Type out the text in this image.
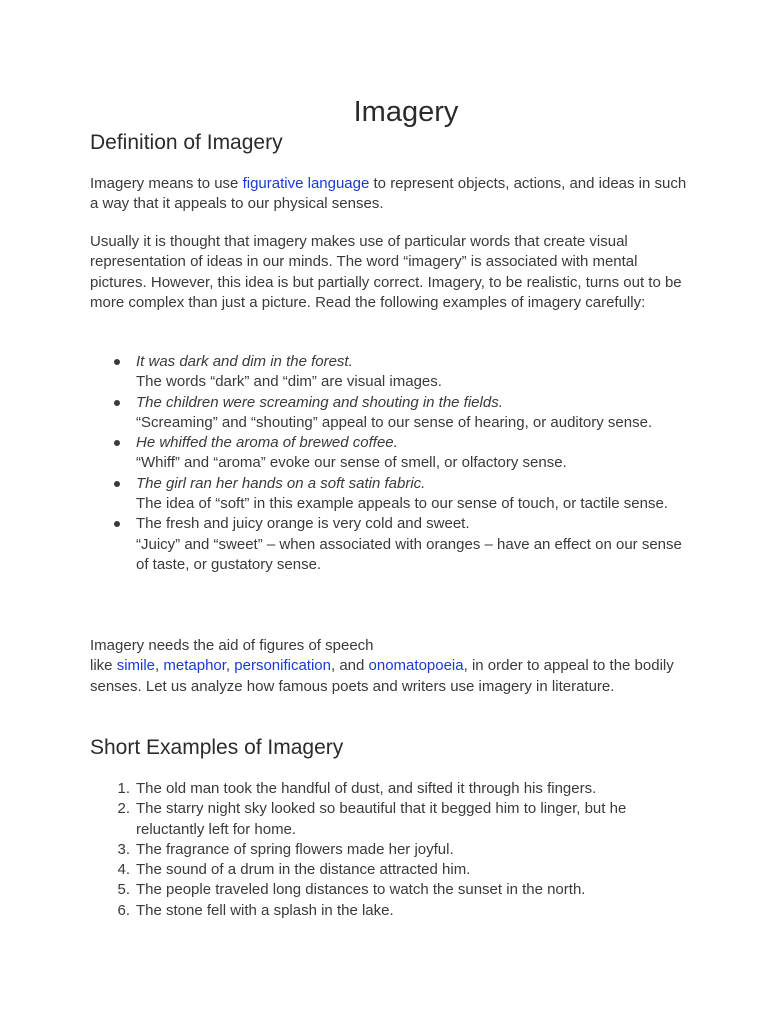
Imagery
Definition of Imagery

Imagery means to use figurative language to represent objects, actions, and ideas in such a way that it appeals to our physical senses.

Usually it is thought that imagery makes use of particular words that create visual representation of ideas in our minds. The word “imagery” is associated with mental pictures. However, this idea is but partially correct. Imagery, to be realistic, turns out to be more complex than just a picture. Read the following examples of imagery carefully:

It was dark and dim in the forest.
The words “dark” and “dim” are visual images.
The children were screaming and shouting in the fields.
“Screaming” and “shouting” appeal to our sense of hearing, or auditory sense.
He whiffed the aroma of brewed coffee.
“Whiff” and “aroma” evoke our sense of smell, or olfactory sense.
The girl ran her hands on a soft satin fabric.
The idea of “soft” in this example appeals to our sense of touch, or tactile sense.
The fresh and juicy orange is very cold and sweet.
“Juicy” and “sweet” – when associated with oranges – have an effect on our sense of taste, or gustatory sense.

Imagery needs the aid of figures of speech
like simile, metaphor, personification, and onomatopoeia, in order to appeal to the bodily senses. Let us analyze how famous poets and writers use imagery in literature.

Short Examples of Imagery
1. The old man took the handful of dust, and sifted it through his fingers.
2. The starry night sky looked so beautiful that it begged him to linger, but he reluctantly left for home.
3. The fragrance of spring flowers made her joyful.
4. The sound of a drum in the distance attracted him.
5. The people traveled long distances to watch the sunset in the north.
6. The stone fell with a splash in the lake.
